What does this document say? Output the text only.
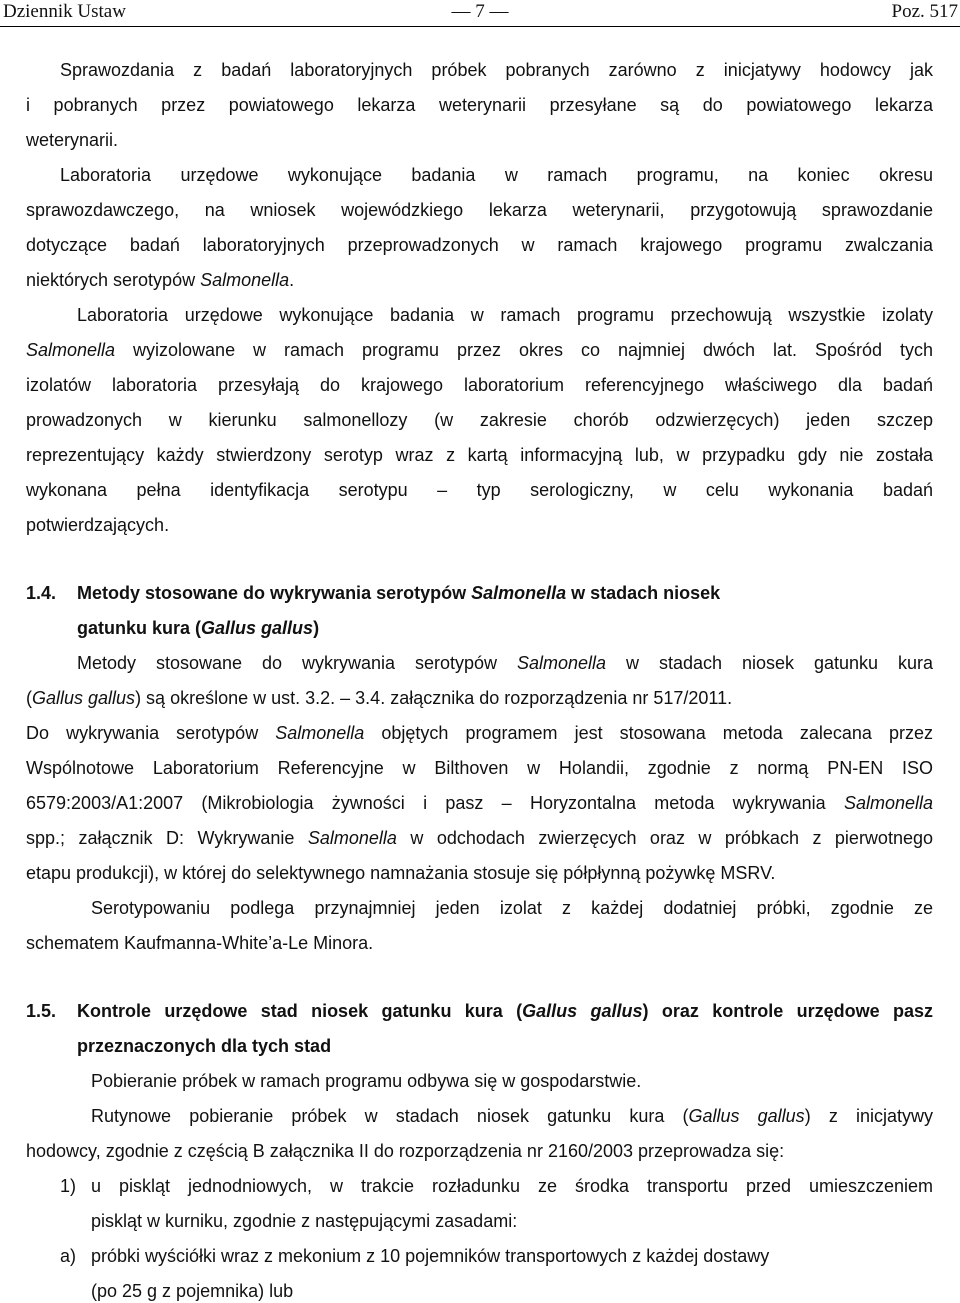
Dziennik Ustaw	— 7 —	Poz. 517
Sprawozdania z badań laboratoryjnych próbek pobranych zarówno z inicjatywy hodowcy jak
i pobranych przez powiatowego lekarza weterynarii przesyłane są do powiatowego lekarza
weterynarii.
Laboratoria urzędowe wykonujące badania w ramach programu, na koniec okresu
sprawozdawczego, na wniosek wojewódzkiego lekarza weterynarii, przygotowują sprawozdanie
dotyczące badań laboratoryjnych przeprowadzonych w ramach krajowego programu zwalczania
niektórych serotypów Salmonella.
Laboratoria urzędowe wykonujące badania w ramach programu przechowują wszystkie izolaty
Salmonella wyizolowane w ramach programu przez okres co najmniej dwóch lat. Spośród tych
izolatów laboratoria przesyłają do krajowego laboratorium referencyjnego właściwego dla badań
prowadzonych w kierunku salmonellozy (w zakresie chorób odzwierzęcych) jeden szczep
reprezentujący każdy stwierdzony serotyp wraz z kartą informacyjną lub, w przypadku gdy nie została
wykonana pełna identyfikacja serotypu – typ serologiczny, w celu wykonania badań
potwierdzających.
1.4. Metody stosowane do wykrywania serotypów Salmonella w stadach niosek
gatunku kura (Gallus gallus)
Metody stosowane do wykrywania serotypów Salmonella w stadach niosek gatunku kura
(Gallus gallus) są określone w ust. 3.2. – 3.4. załącznika do rozporządzenia nr 517/2011.
Do wykrywania serotypów Salmonella objętych programem jest stosowana metoda zalecana przez
Wspólnotowe Laboratorium Referencyjne w Bilthoven w Holandii, zgodnie z normą PN-EN ISO
6579:2003/A1:2007 (Mikrobiologia żywności i pasz – Horyzontalna metoda wykrywania Salmonella
spp.; załącznik D: Wykrywanie Salmonella w odchodach zwierzęcych oraz w próbkach z pierwotnego
etapu produkcji), w której do selektywnego namnażania stosuje się półpłynną pożywkę MSRV.
Serotypowaniu podlega przynajmniej jeden izolat z każdej dodatniej próbki, zgodnie ze
schematem Kaufmanna-White’a-Le Minora.
1.5. Kontrole urzędowe stad niosek gatunku kura (Gallus gallus) oraz kontrole urzędowe pasz
przeznaczonych dla tych stad
Pobieranie próbek w ramach programu odbywa się w gospodarstwie.
Rutynowe pobieranie próbek w stadach niosek gatunku kura (Gallus gallus) z inicjatywy
hodowcy, zgodnie z częścią B załącznika II do rozporządzenia nr 2160/2003 przeprowadza się:
1) u piskląt jednodniowych, w trakcie rozładunku ze środka transportu przed umieszczeniem
piskląt w kurniku, zgodnie z następującymi zasadami:
a) próbki wyściółki wraz z mekonium z 10 pojemników transportowych z każdej dostawy
(po 25 g z pojemnika) lub
